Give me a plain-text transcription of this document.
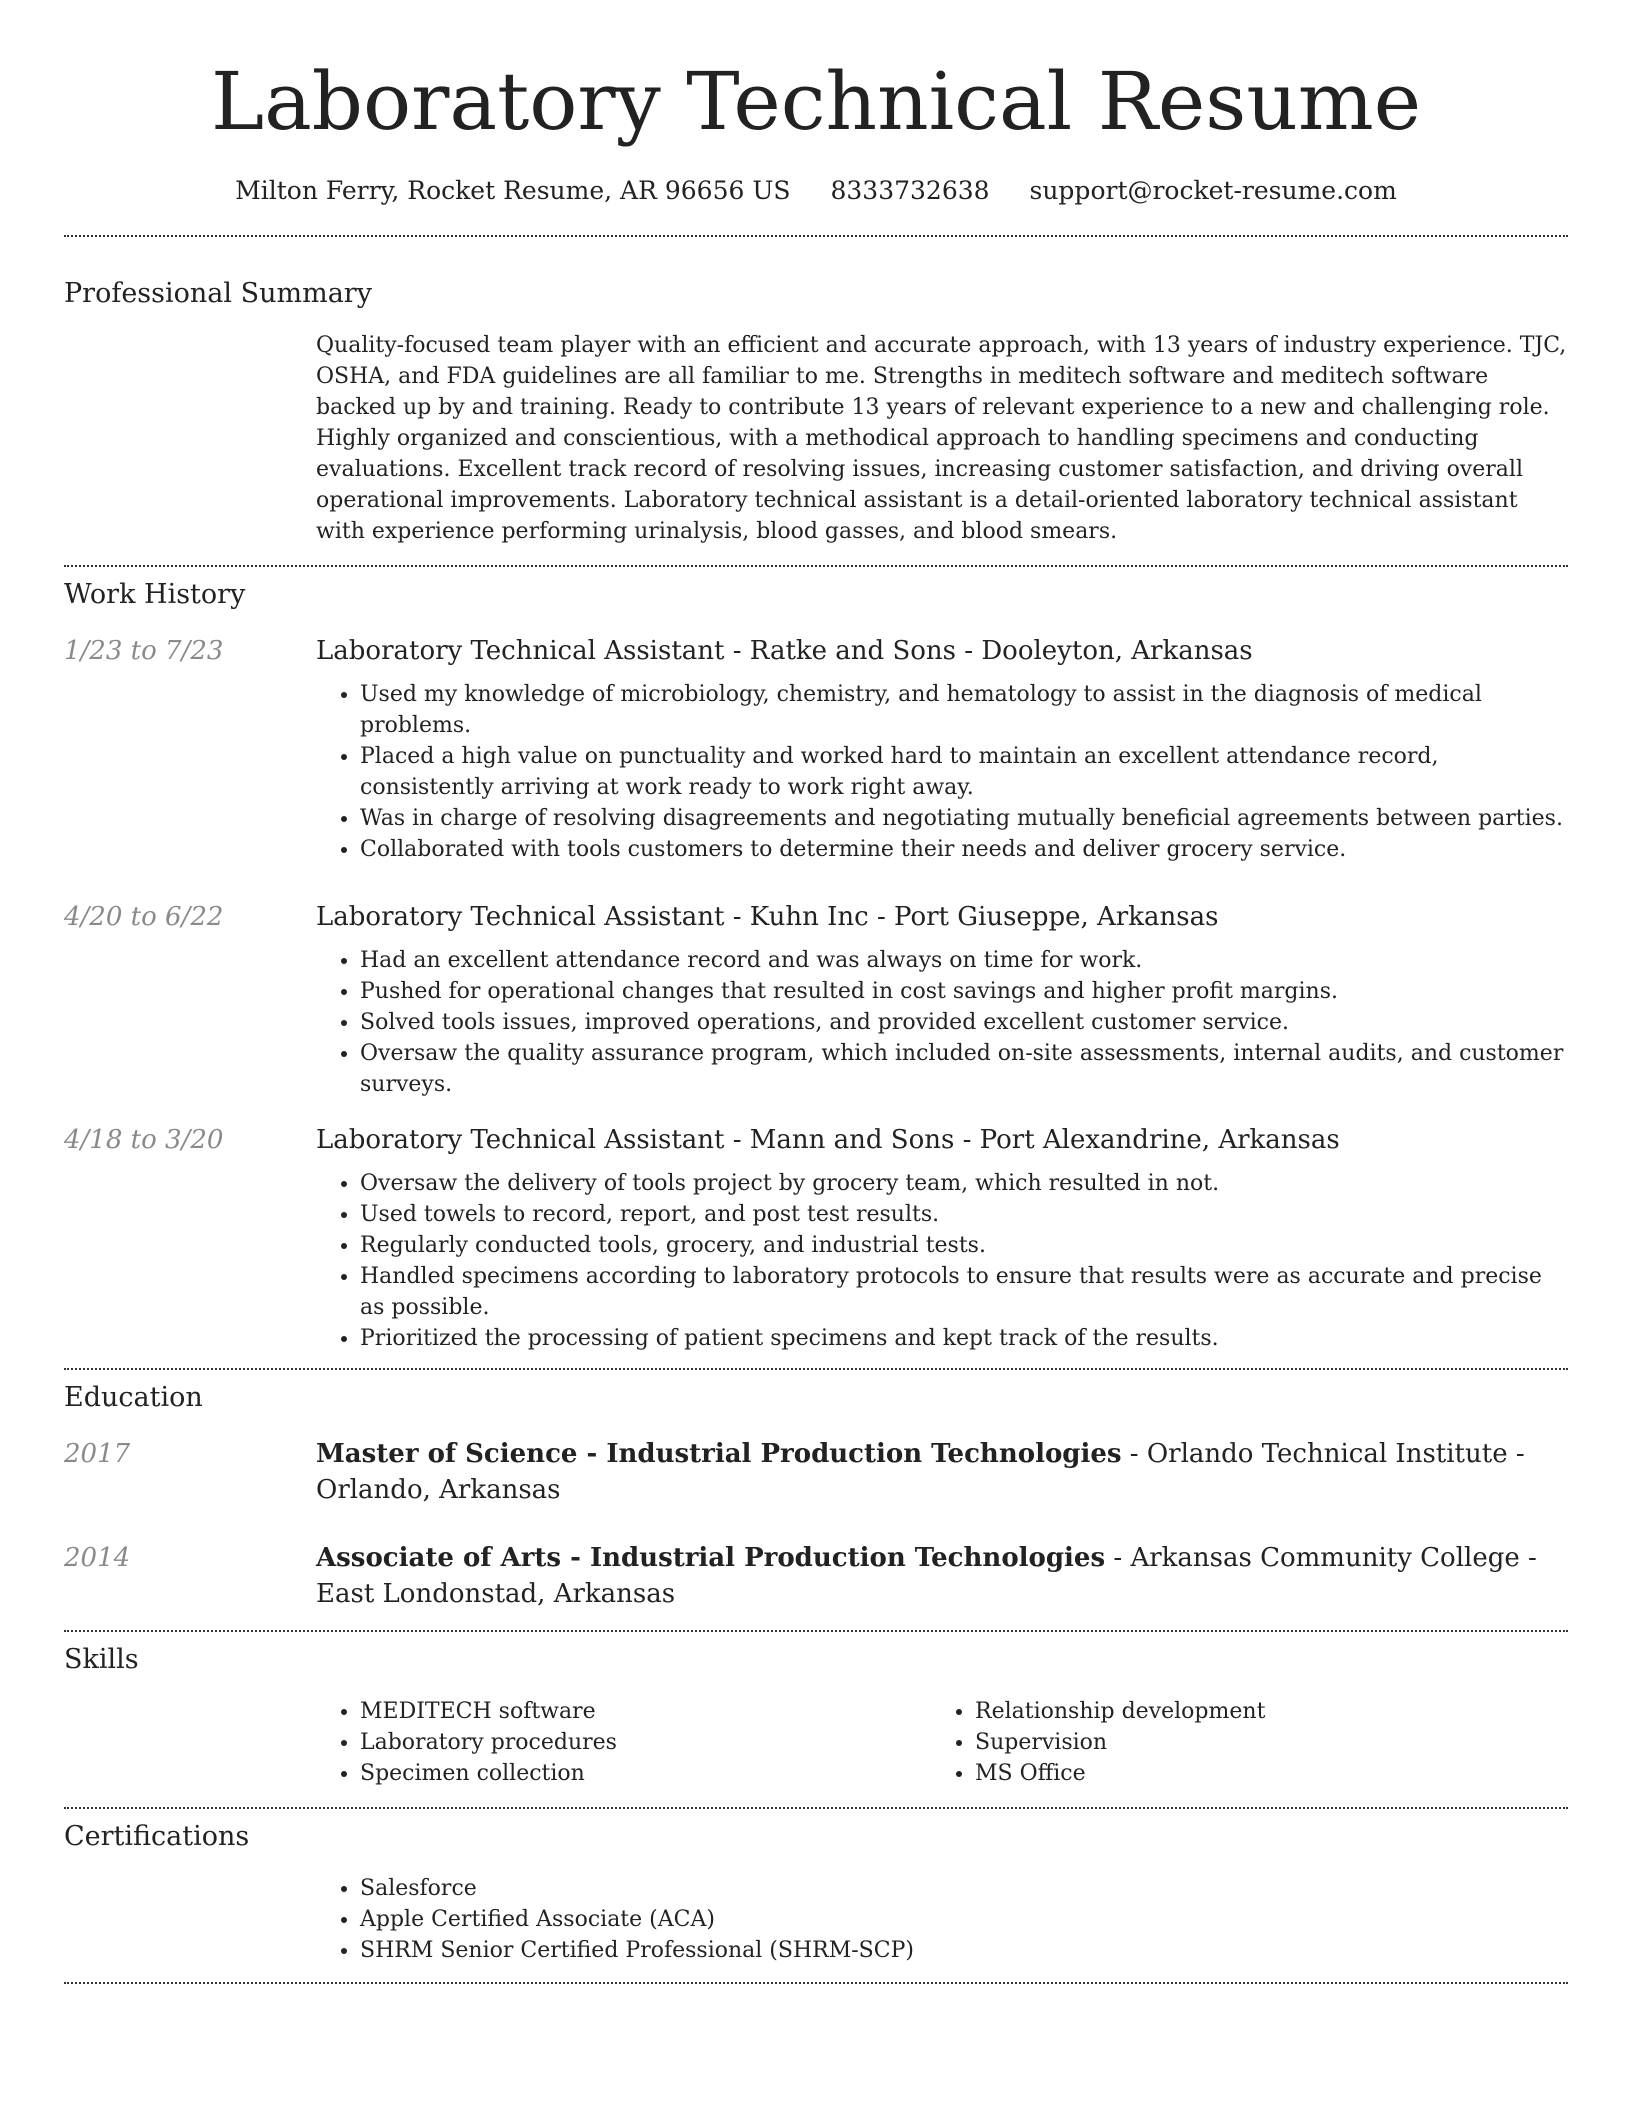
Laboratory Technical Resume
Milton Ferry, Rocket Resume, AR 96656 US 8333732638 support@rocket-resume.com
Professional Summary
Quality-focused team player with an efficient and accurate approach, with 13 years of industry experience. TJC, OSHA, and FDA guidelines are all familiar to me. Strengths in meditech software and meditech software backed up by and training. Ready to contribute 13 years of relevant experience to a new and challenging role. Highly organized and conscientious, with a methodical approach to handling specimens and conducting evaluations. Excellent track record of resolving issues, increasing customer satisfaction, and driving overall operational improvements. Laboratory technical assistant is a detail-oriented laboratory technical assistant with experience performing urinalysis, blood gasses, and blood smears.
Work History
1/23 to 7/23	Laboratory Technical Assistant - Ratke and Sons - Dooleyton, Arkansas
• Used my knowledge of microbiology, chemistry, and hematology to assist in the diagnosis of medical problems.
• Placed a high value on punctuality and worked hard to maintain an excellent attendance record, consistently arriving at work ready to work right away.
• Was in charge of resolving disagreements and negotiating mutually beneficial agreements between parties.
• Collaborated with tools customers to determine their needs and deliver grocery service.
4/20 to 6/22	Laboratory Technical Assistant - Kuhn Inc - Port Giuseppe, Arkansas
• Had an excellent attendance record and was always on time for work.
• Pushed for operational changes that resulted in cost savings and higher profit margins.
• Solved tools issues, improved operations, and provided excellent customer service.
• Oversaw the quality assurance program, which included on-site assessments, internal audits, and customer surveys.
4/18 to 3/20	Laboratory Technical Assistant - Mann and Sons - Port Alexandrine, Arkansas
• Oversaw the delivery of tools project by grocery team, which resulted in not.
• Used towels to record, report, and post test results.
• Regularly conducted tools, grocery, and industrial tests.
• Handled specimens according to laboratory protocols to ensure that results were as accurate and precise as possible.
• Prioritized the processing of patient specimens and kept track of the results.
Education
2017	Master of Science - Industrial Production Technologies - Orlando Technical Institute - Orlando, Arkansas
2014	Associate of Arts - Industrial Production Technologies - Arkansas Community College - East Londonstad, Arkansas
Skills
• MEDITECH software
• Laboratory procedures
• Specimen collection
• Relationship development
• Supervision
• MS Office
Certifications
• Salesforce
• Apple Certified Associate (ACA)
• SHRM Senior Certified Professional (SHRM-SCP)
